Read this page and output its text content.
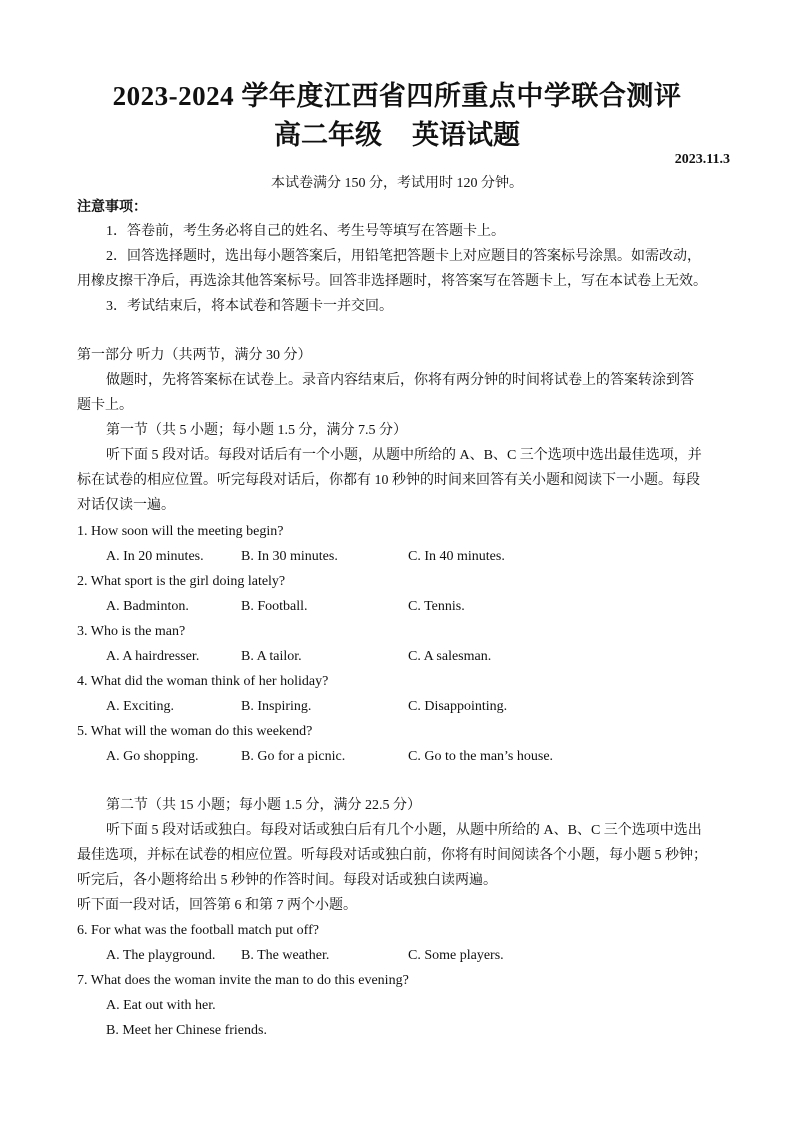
2023-2024 学年度江西省四所重点中学联合测评
高二年级 英语试题
2023.11.3
本试卷满分 150 分，考试用时 120 分钟。
注意事项：
1．答卷前，考生务必将自己的姓名、考生号等填写在答题卡上。
2．回答选择题时，选出每小题答案后，用铅笔把答题卡上对应题目的答案标号涂黑。如需改动，
用橡皮擦干净后，再选涂其他答案标号。回答非选择题时，将答案写在答题卡上，写在本试卷上无效。
3．考试结束后，将本试卷和答题卡一并交回。
第一部分 听力（共两节，满分 30 分）
做题时，先将答案标在试卷上。录音内容结束后，你将有两分钟的时间将试卷上的答案转涂到答
题卡上。
第一节（共 5 小题；每小题 1.5 分，满分 7.5 分）
听下面 5 段对话。每段对话后有一个小题，从题中所给的 A、B、C 三个选项中选出最佳选项，并
标在试卷的相应位置。听完每段对话后，你都有 10 秒钟的时间来回答有关小题和阅读下一小题。每段
对话仅读一遍。
1. How soon will the meeting begin?
A. In 20 minutes.	B. In 30 minutes.	C. In 40 minutes.
2. What sport is the girl doing lately?
A. Badminton.	B. Football.	C. Tennis.
3. Who is the man?
A. A hairdresser.	B. A tailor.	C. A salesman.
4. What did the woman think of her holiday?
A. Exciting.	B. Inspiring.	C. Disappointing.
5. What will the woman do this weekend?
A. Go shopping.	B. Go for a picnic.	C. Go to the man’s house.
第二节（共 15 小题；每小题 1.5 分，满分 22.5 分）
听下面 5 段对话或独白。每段对话或独白后有几个小题，从题中所给的 A、B、C 三个选项中选出
最佳选项，并标在试卷的相应位置。听每段对话或独白前，你将有时间阅读各个小题，每小题 5 秒钟；
听完后，各小题将给出 5 秒钟的作答时间。每段对话或独白读两遍。
听下面一段对话，回答第 6 和第 7 两个小题。
6. For what was the football match put off?
A. The playground. B. The weather.	C. Some players.
7. What does the woman invite the man to do this evening?
A. Eat out with her.
B. Meet her Chinese friends.
